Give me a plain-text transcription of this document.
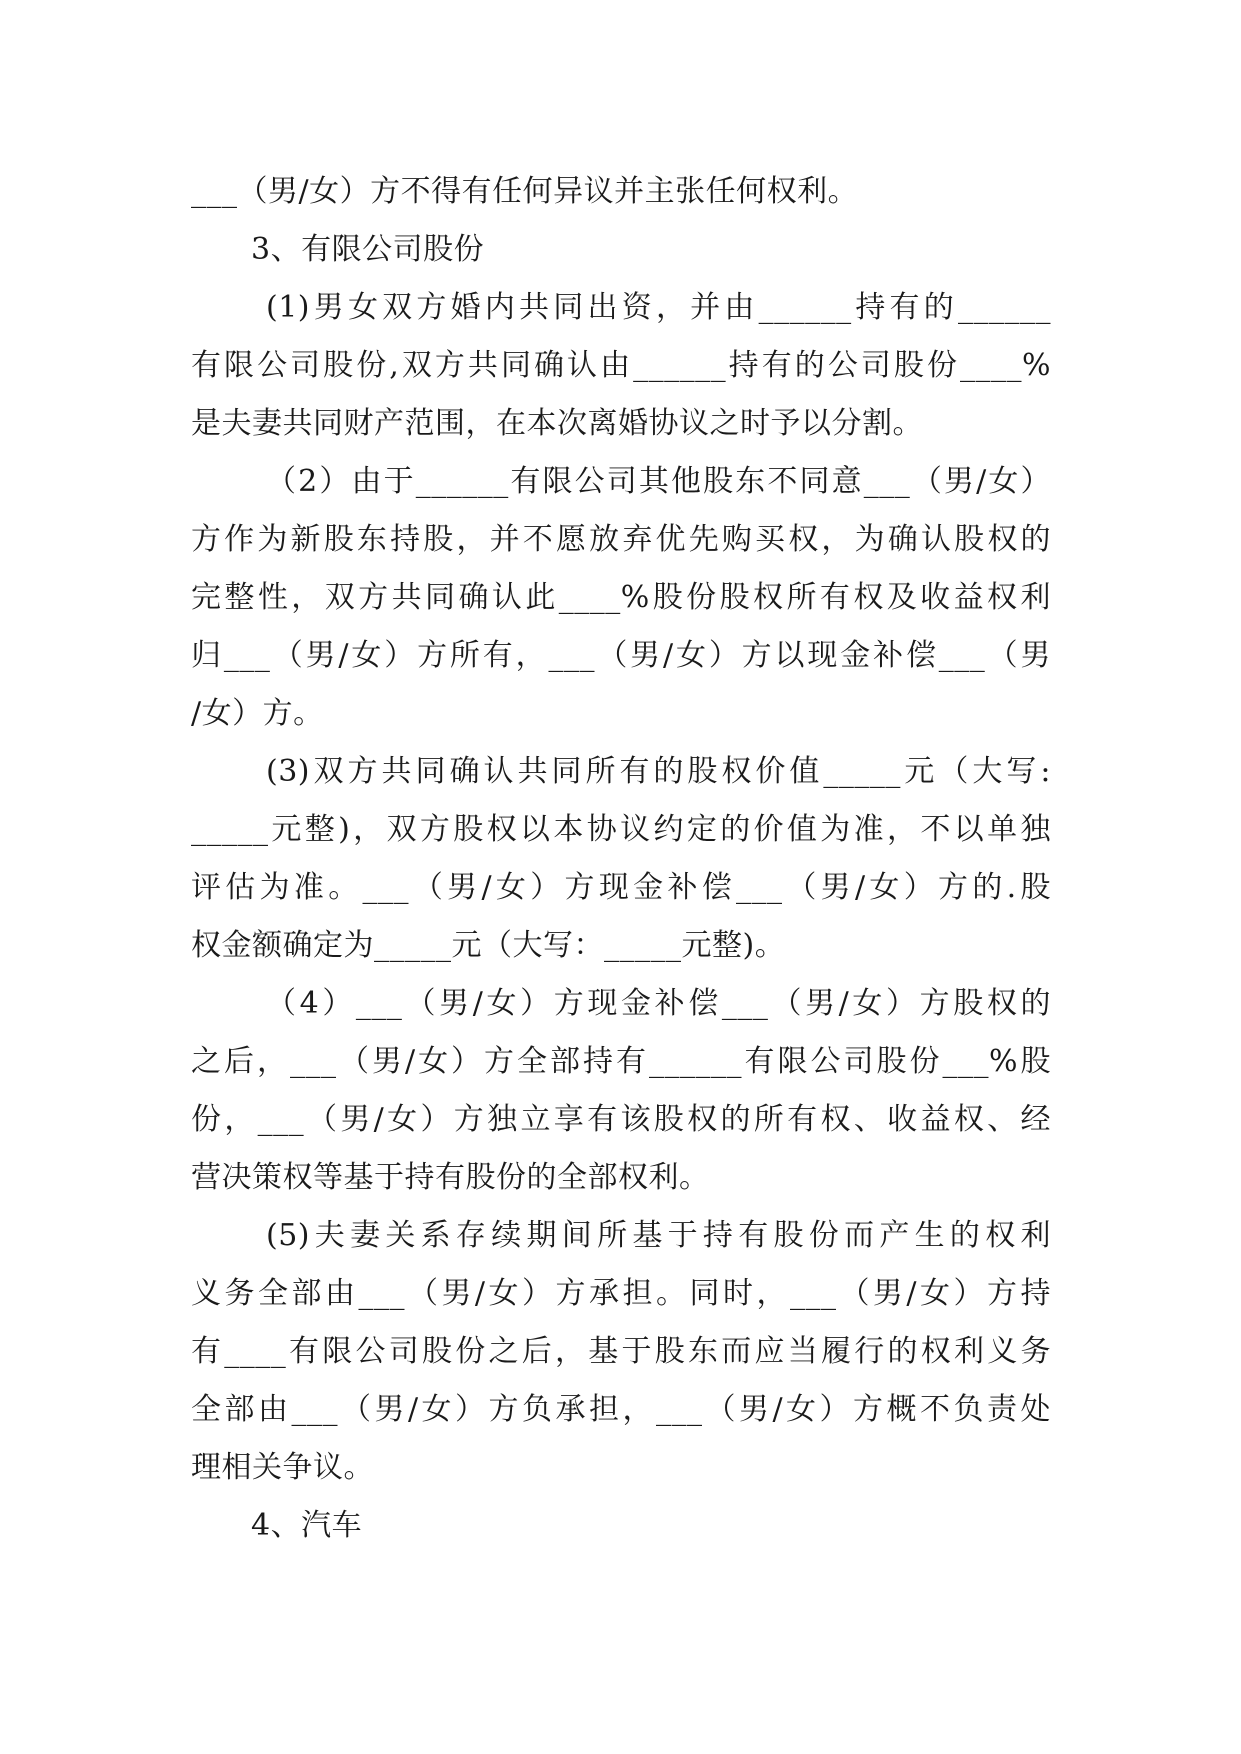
___（男/女）方不得有任何异议并主张任何权利。
3、有限公司股份
(1)男女双方婚内共同出资，并由______持有的______
有限公司股份,双方共同确认由______持有的公司股份____%
是夫妻共同财产范围，在本次离婚协议之时予以分割。
（2）由于______有限公司其他股东不同意___（男/女）
方作为新股东持股，并不愿放弃优先购买权，为确认股权的
完整性，双方共同确认此____%股份股权所有权及收益权利
归___（男/女）方所有，___（男/女）方以现金补偿___（男
/女）方。
(3)双方共同确认共同所有的股权价值_____元（大写:
_____元整)，双方股权以本协议约定的价值为准，不以单独
评估为准。___（男/女）方现金补偿___（男/女）方的.股
权金额确定为_____元（大写：_____元整)。
（4）___（男/女）方现金补偿___（男/女）方股权的
之后，___（男/女）方全部持有______有限公司股份___%股
份，___（男/女）方独立享有该股权的所有权、收益权、经
营决策权等基于持有股份的全部权利。
(5)夫妻关系存续期间所基于持有股份而产生的权利
义务全部由___（男/女）方承担。同时，___（男/女）方持
有____有限公司股份之后，基于股东而应当履行的权利义务
全部由___（男/女）方负承担，___（男/女）方概不负责处
理相关争议。
4、汽车
